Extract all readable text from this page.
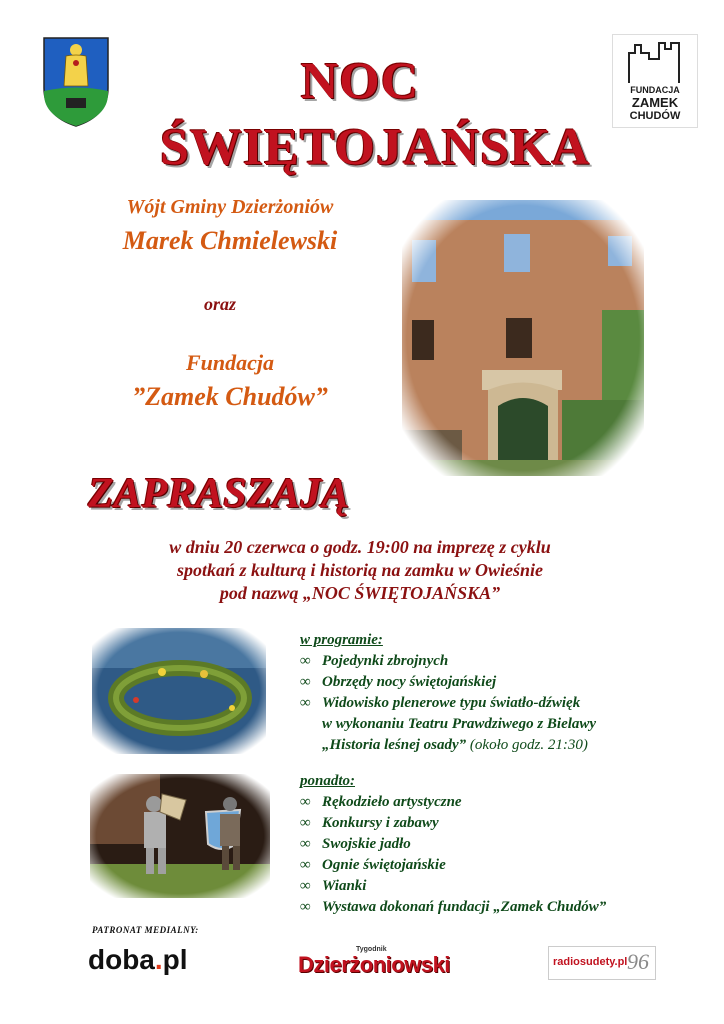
NOC
ŚWIĘTOJAŃSKA
FUNDACJA
ZAMEK
CHUDÓW
Wójt Gminy Dzierżoniów
Marek Chmielewski
oraz
Fundacja
”Zamek Chudów”
ZAPRASZAJĄ
w dniu 20 czerwca o godz. 19:00 na imprezę z cyklu
spotkań z kulturą i historią na zamku w Owieśnie
pod nazwą „NOC ŚWIĘTOJAŃSKA”
w programie:
∞ Pojedynki zbrojnych
∞ Obrzędy nocy świętojańskiej
∞ Widowisko plenerowe typu światło-dźwięk
w wykonaniu Teatru Prawdziwego z Bielawy
„Historia leśnej osady” (około godz. 21:30)
ponadto:
∞ Rękodzieło artystyczne
∞ Konkursy i zabawy
∞ Swojskie jadło
∞ Ognie świętojańskie
∞ Wianki
∞ Wystawa dokonań fundacji „Zamek Chudów”
PATRONAT MEDIALNY:
doba.pl	Tygodnik
Dzierżoniowski	radiosudety.pl 96
